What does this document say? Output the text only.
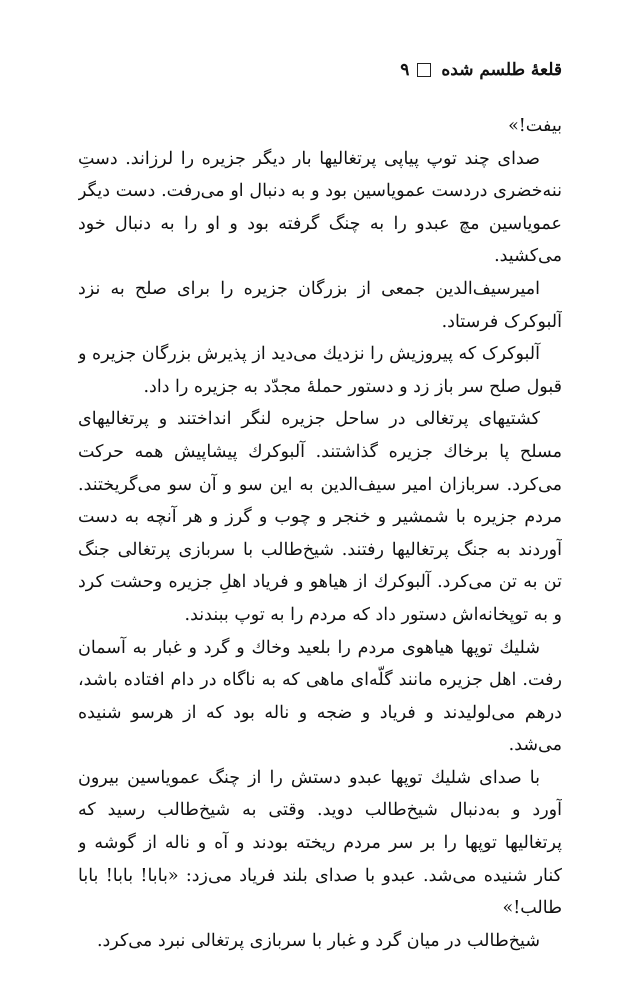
قلعهٔ طلسم شده
۹

بیفت!»

صدای چند توپ پیاپی پرتغالیها بار دیگر جزیره را لرزاند. دستِ ننه‌خضری دردست عموياسين بود و به دنبال او می‌رفت. دست دیگر عموياسين مچ عبدو را به چنگ گرفته بود و او را به دنبال خود می‌کشید.

امیرسیف‌الدین جمعی از بزرگان جزیره را برای صلح به نزد آلبوکرک فرستاد.

آلبوکرک که پیروزیش را نزدیك می‌دید از پذیرش بزرگان جزیره و قبول صلح سر باز زد و دستور حملهٔ مجدّد به جزیره را داد.

کشتیهای پرتغالی در ساحل جزیره لنگر انداختند و پرتغالیهای مسلح پا برخاك جزیره گذاشتند. آلبوکرك پیشاپیش همه حرکت می‌کرد. سربازان امیر سیف‌الدین به این سو و آن سو می‌گریختند. مردم جزیره با شمشیر و خنجر و چوب و گرز و هر آنچه به دست آوردند به جنگ پرتغالیها رفتند. شیخ‌طالب با سربازی پرتغالی جنگ تن به تن می‌کرد. آلبوکرك از هیاهو و فریاد اهلِ جزیره وحشت کرد و به توپخانه‌اش دستور داد که مردم را به توپ ببندند.

شلیك توپها هیاهوی مردم را بلعید وخاك و گرد و غبار به آسمان رفت. اهل جزیره مانند گلّه‌ای ماهی که به ناگاه در دام افتاده باشد، درهم می‌لولیدند و فریاد و ضجه و ناله بود که از هرسو شنیده می‌شد.

با صدای شلیك توپها عبدو دستش را از چنگ عموياسين بیرون آورد و به‌دنبال شیخ‌طالب دوید. وقتی به شیخ‌طالب رسید که پرتغالیها توپها را بر سر مردم ریخته بودند و آه و ناله از گوشه و کنار شنیده می‌شد. عبدو با صدای بلند فریاد می‌زد: «بابا! بابا! بابا طالب!»

شیخ‌طالب در میان گرد و غبار با سربازی پرتغالی نبرد می‌کرد.
